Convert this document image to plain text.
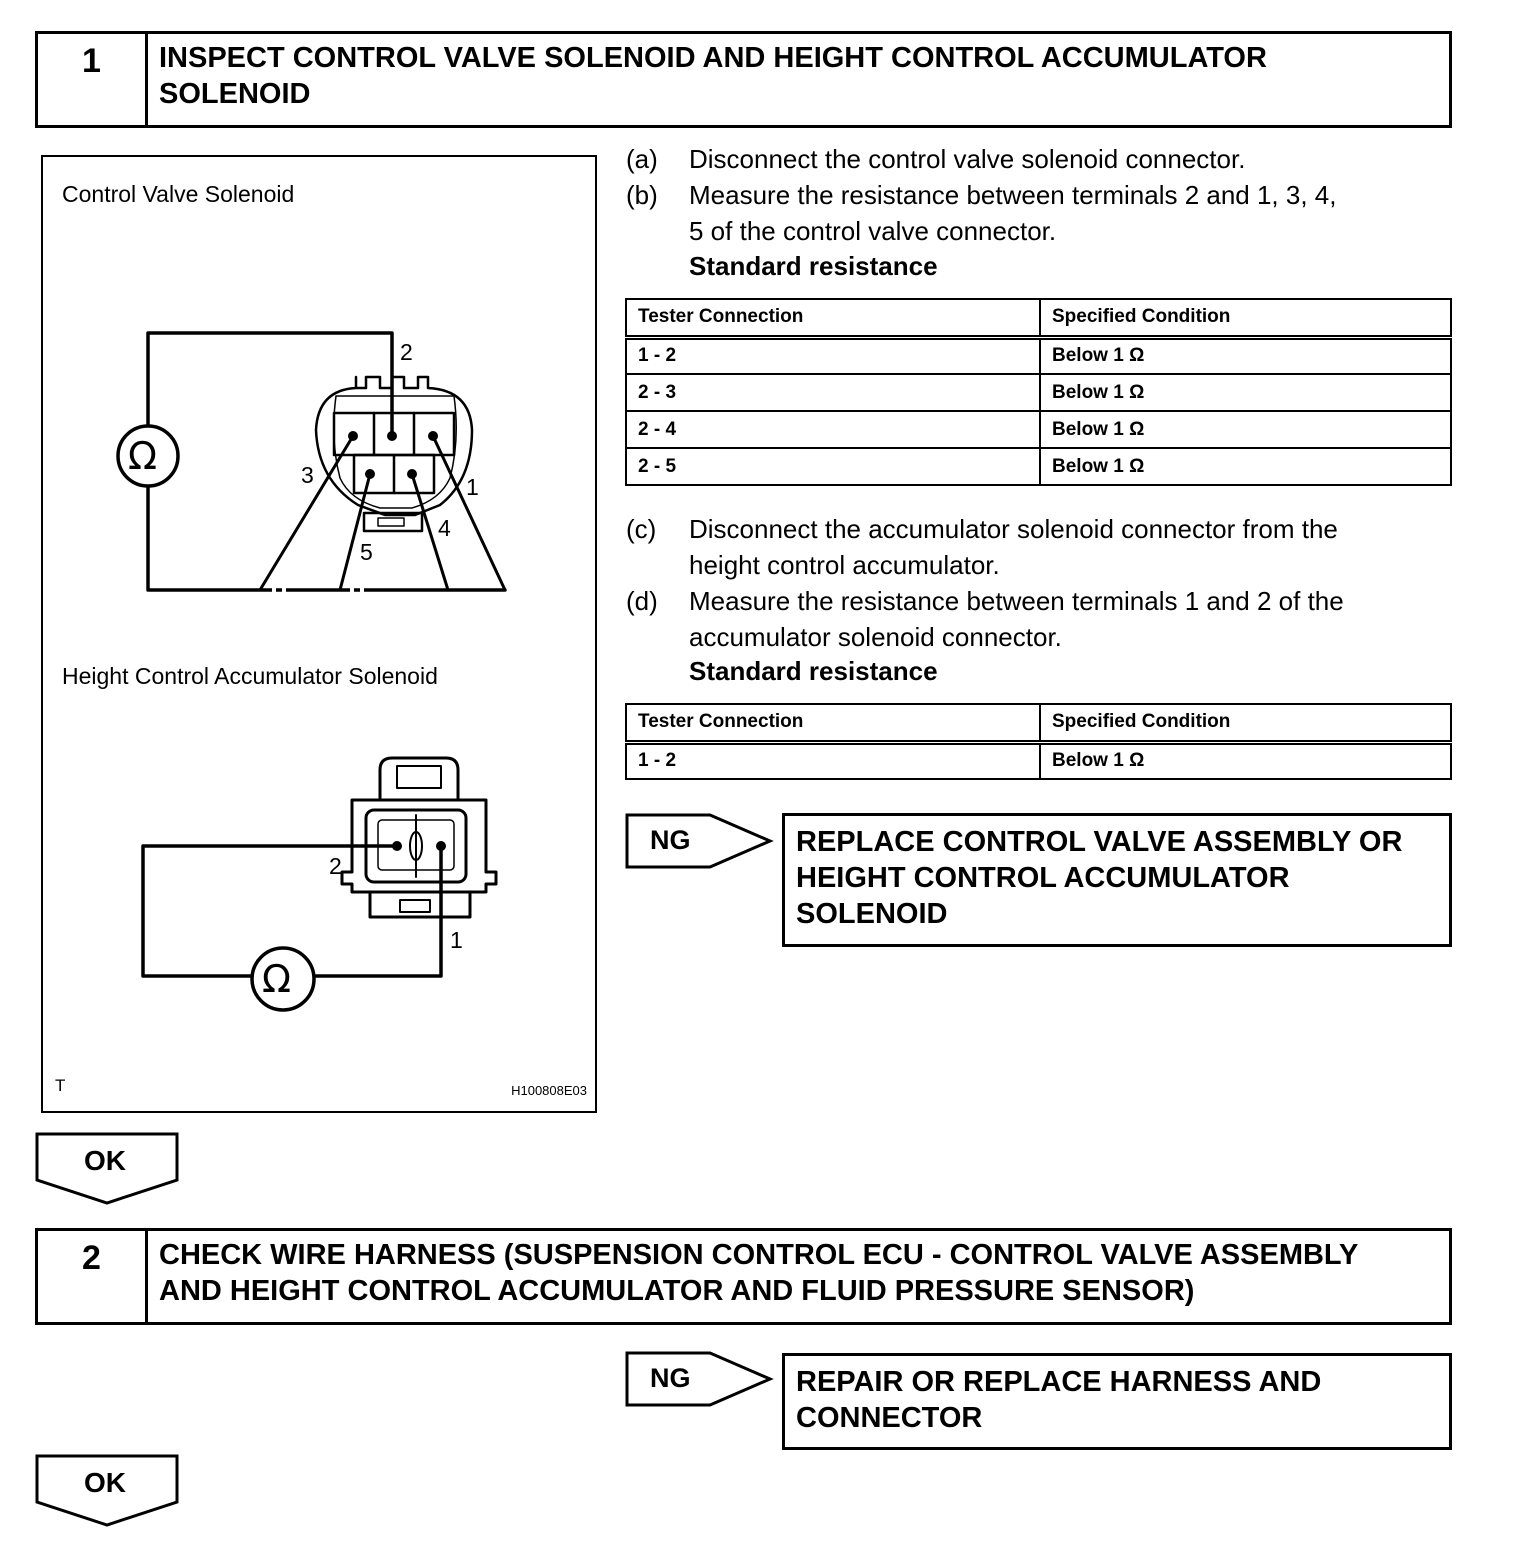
1	INSPECT CONTROL VALVE SOLENOID AND HEIGHT CONTROL ACCUMULATOR
SOLENOID
Control Valve Solenoid
Height Control Accumulator Solenoid
T	H100808E03
Ω
Ω
2
3	1
4
5
2
1
(a) Disconnect the control valve solenoid connector.
(b) Measure the resistance between terminals 2 and 1, 3, 4,
5 of the control valve connector.
Standard resistance
Tester Connection	Specified Condition
1 - 2	Below 1 Ω
2 - 3	Below 1 Ω
2 - 4	Below 1 Ω
2 - 5	Below 1 Ω
(c) Disconnect the accumulator solenoid connector from the
height control accumulator.
(d) Measure the resistance between terminals 1 and 2 of the
accumulator solenoid connector.
Standard resistance
Tester Connection	Specified Condition
1 - 2	Below 1 Ω
NG	REPLACE CONTROL VALVE ASSEMBLY OR
HEIGHT CONTROL ACCUMULATOR
SOLENOID
OK
2	CHECK WIRE HARNESS (SUSPENSION CONTROL ECU - CONTROL VALVE ASSEMBLY
AND HEIGHT CONTROL ACCUMULATOR AND FLUID PRESSURE SENSOR)
NG	REPAIR OR REPLACE HARNESS AND
CONNECTOR
OK
